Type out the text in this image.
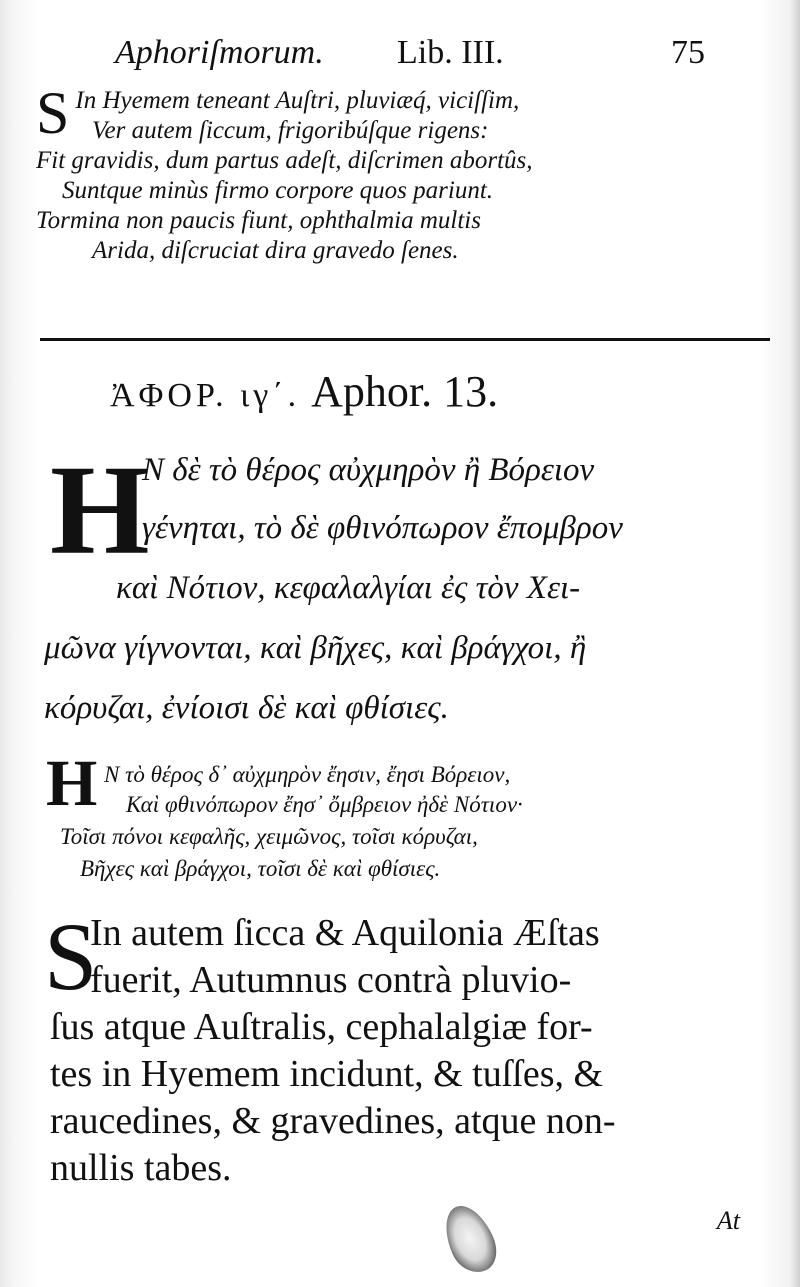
Aphoriſmorum. Lib. III.	75
S In Hyemem teneant Auſtri, pluviæq́, viciſſim,
Ver autem ſiccum, frigoribúſque rigens:
Fit gravidis, dum partus adeſt, diſcrimen abortûs,
Suntque minùs firmo corpore quos pariunt.
Tormina non paucis fiunt, ophthalmia multis
Arida, diſcruciat dira gravedo ſenes.
ἈΦΟΡ. ιγ΄. Aphor. 13.
H
Ν δὲ τὸ θέρος αὐχμηρὸν ἢ Βόρειον
γένηται, τὸ δὲ φθινόπωρον ἔπομβρον
καὶ Νότιον, κεφαλαλγίαι ἐς τὸν Χει-
μῶνα γίγνονται, καὶ βῆχες, καὶ βράγχοι, ἢ
κόρυζαι, ἐνίοισι δὲ καὶ φθίσιες.
H Ν τὸ θέρος δ᾽ αὐχμηρὸν ἔησιν, ἔησι Βόρειον,
Καὶ φθινόπωρον ἔησ᾽ ὄμβρειον ἠδὲ Νότιον·
Τοῖσι πόνοι κεφαλῆς, χειμῶνος, τοῖσι κόρυζαι,
Βῆχες καὶ βράγχοι, τοῖσι δὲ καὶ φθίσιες.
S
In autem ſicca & Aquilonia Æſtas
fuerit, Autumnus contrà pluvio-
ſus atque Auſtralis, cephalalgiæ for-
tes in Hyemem incidunt, & tuſſes, &
raucedines, & gravedines, atque non-
nullis tabes.
At
